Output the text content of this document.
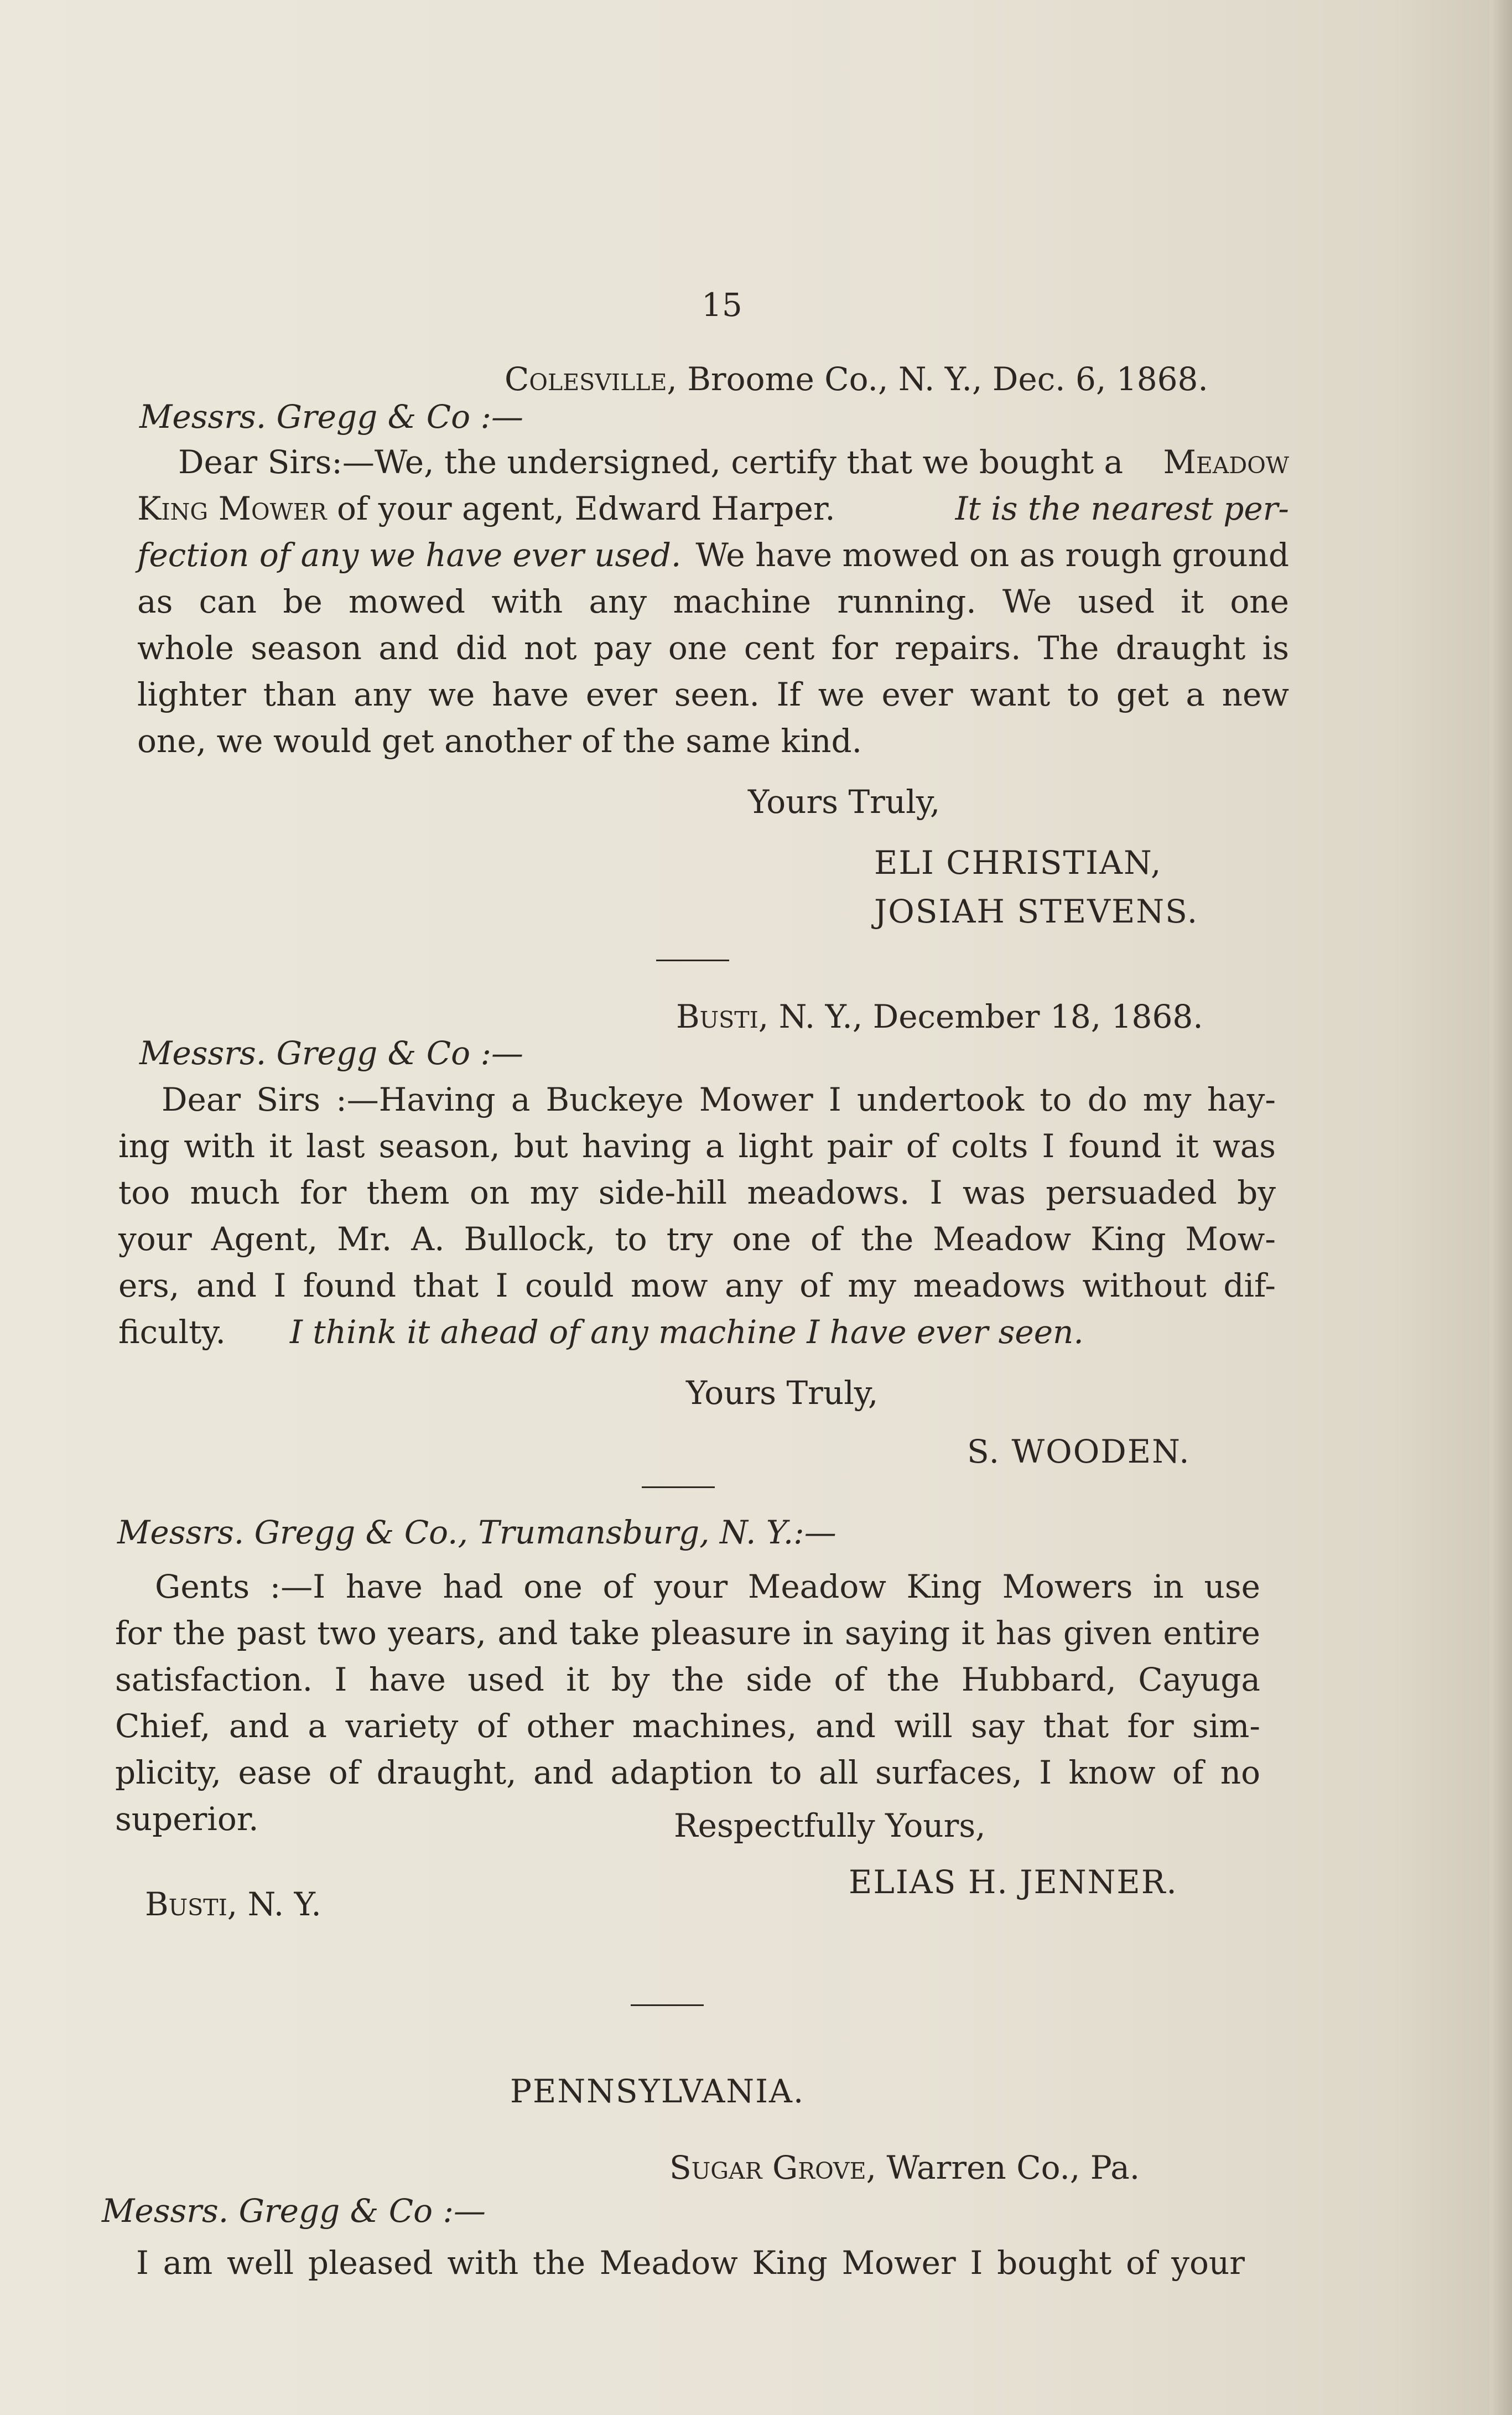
15
Colesville, Broome Co., N. Y., Dec. 6, 1868.
Messrs. Gregg & Co :—
Dear Sirs:—We, the undersigned, certify that we bought a Meadow
King Mower of your agent, Edward Harper.	It is the nearest per-
fection of any we have ever used. We have mowed on as rough ground
as can be mowed with any machine running. We used it one
whole season and did not pay one cent for repairs. The draught is
lighter than any we have ever seen. If we ever want to get a new
one, we would get another of the same kind.
Yours Truly,
ELI CHRISTIAN,
JOSIAH STEVENS.
Busti, N. Y., December 18, 1868.
Messrs. Gregg & Co :—
Dear Sirs :—Having a Buckeye Mower I undertook to do my hay-
ing with it last season, but having a light pair of colts I found it was
too much for them on my side-hill meadows. I was persuaded by
your Agent, Mr. A. Bullock, to try one of the Meadow King Mow-
ers, and I found that I could mow any of my meadows without dif-
ficulty. I think it ahead of any machine I have ever seen.
Yours Truly,
S. WOODEN.
Messrs. Gregg & Co., Trumansburg, N. Y.:—
Gents :—I have had one of your Meadow King Mowers in use
for the past two years, and take pleasure in saying it has given entire
satisfaction. I have used it by the side of the Hubbard, Cayuga
Chief, and a variety of other machines, and will say that for sim-
plicity, ease of draught, and adaption to all surfaces, I know of no
superior.	Respectfully Yours,
ELIAS H. JENNER.
Busti, N. Y.
PENNSYLVANIA.
Sugar Grove, Warren Co., Pa.
Messrs. Gregg & Co :—
I am well pleased with the Meadow King Mower I bought of your
